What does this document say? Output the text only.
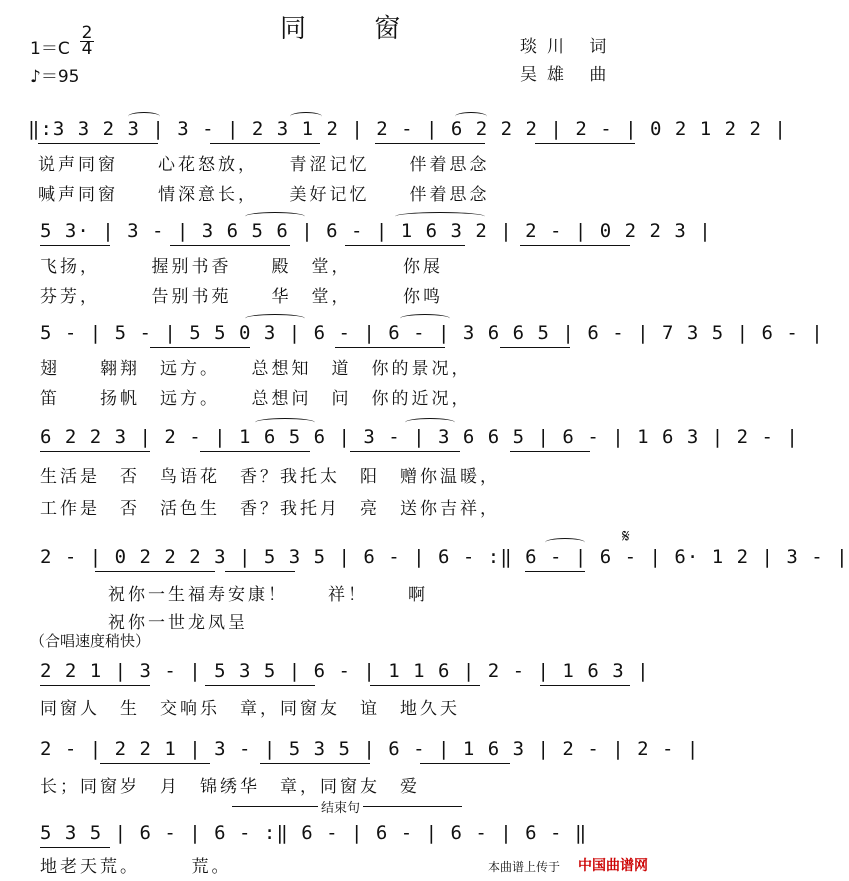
1＝C
2
4
♪＝95
同 窗
琰川 词
吴雄 曲
‖:3 3 2 3 | 3 - | 2 3 1 2 | 2 - | 6 2 2 2 | 2 - | 0 2 1 2 2 |
说声同窗　　心花怒放，　　青涩记忆　　伴着思念
喊声同窗　　情深意长，　　美好记忆　　伴着思念
5 3· | 3 - | 3 6 5 6 | 6 - | 1 6 3 2 | 2 - | 0 2 2 3 |
飞扬，　　　握别书香　　殿　堂，　　　你展
芬芳，　　　告别书苑　　华　堂，　　　你鸣
5 - | 5 - | 5 5 0 3 | 6 - | 6 - | 3 6 6 5 | 6 - | 7 3 5 | 6 - |
翅　　翱翔　远方。　　总想知　道　你的景况，
笛　　扬帆　远方。　　总想问　问　你的近况，
6 2 2 3 | 2 - | 1 6 5 6 | 3 - | 3 6 6 5 | 6 - | 1 6 3 | 2 - |
生活是　否　鸟语花　香？我托太　阳　赠你温暖，
工作是　否　活色生　香？我托月　亮　送你吉祥，
𝄋
2 - | 0 2 2 2 3 | 5 3 5 | 6 - | 6 - :‖ 6 - | 6 - | 6· 1 2 | 3 - |
祝你一生福寿安康！　　祥！　　啊
祝你一世龙凤呈
（合唱速度稍快）
2 2 1 | 3 - | 5 3 5 | 6 - | 1 1 6 | 2 - | 1 6 3 |
同窗人　生　交响乐　章，同窗友　谊　地久天
2 - | 2 2 1 | 3 - | 5 3 5 | 6 - | 1 6 3 | 2 - | 2 - |
长；同窗岁　月　锦绣华　章，同窗友　爱
结束句
5 3 5 | 6 - | 6 - :‖ 6 - | 6 - | 6 - | 6 - ‖
地老天荒。　　　荒。	本曲谱上传于 中国曲谱网
